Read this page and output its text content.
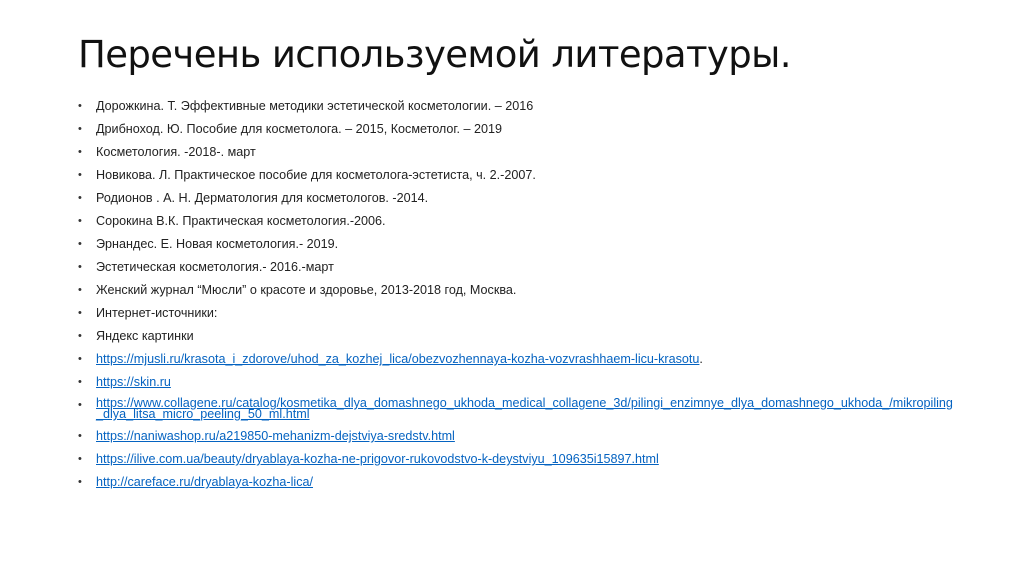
Перечень используемой литературы.
• Дорожкина. Т. Эффективные методики эстетической косметологии. – 2016
• Дрибноход. Ю. Пособие для косметолога. – 2015, Косметолог. – 2019
• Косметология. -2018-. март
• Новикова. Л. Практическое пособие для косметолога-эстетиста, ч. 2.-2007.
• Родионов . А. Н. Дерматология для косметологов. -2014.
• Сорокина В.К. Практическая косметология.-2006.
• Эрнандес. Е. Новая косметология.- 2019.
• Эстетическая косметология.- 2016.-март
• Женский журнал “Мюсли” о красоте и здоровье, 2013-2018 год, Москва.
• Интернет-источники:
• Яндекс картинки
• https://mjusli.ru/krasota_i_zdorove/uhod_za_kozhej_lica/obezvozhennaya-kozha-vozvrashhaem-licu-krasotu.
• https://skin.ru
• https://www.collagene.ru/catalog/kosmetika_dlya_domashnego_ukhoda_medical_collagene_3d/pilingi_enzimnye_dlya_domashnego_ukhoda_/mikropiling_dlya_litsa_micro_peeling_50_ml.html
• https://naniwashop.ru/a219850-mehanizm-dejstviya-sredstv.html
• https://ilive.com.ua/beauty/dryablaya-kozha-ne-prigovor-rukovodstvo-k-deystviyu_109635i15897.html
• http://careface.ru/dryablaya-kozha-lica/
